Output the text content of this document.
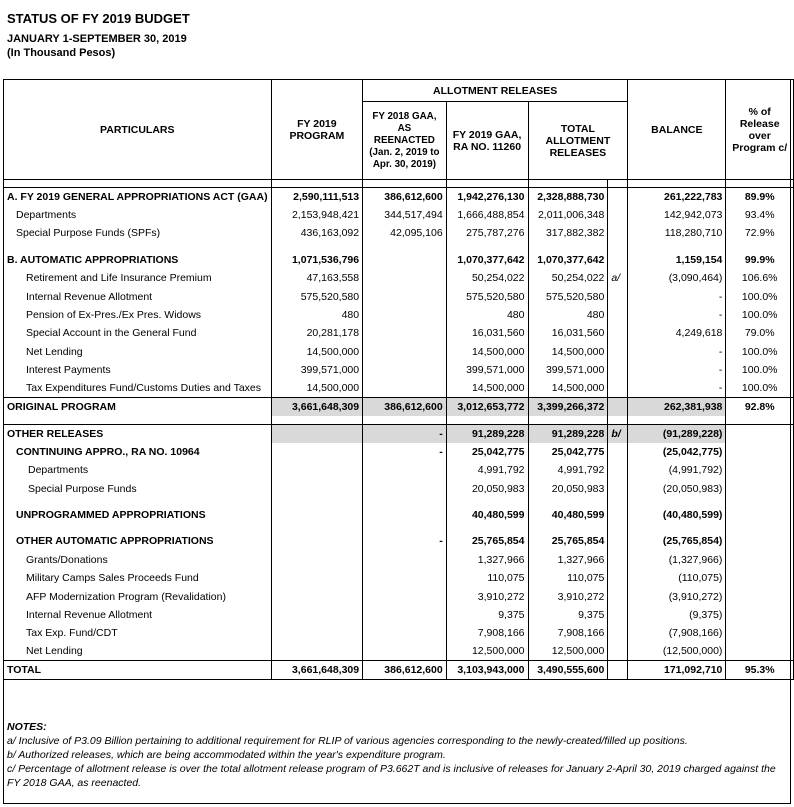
STATUS OF FY 2019 BUDGET
JANUARY 1-SEPTEMBER 30, 2019
(In Thousand Pesos)
PARTICULARS	FY 2019 PROGRAM	ALLOTMENT RELEASES				BALANCE	% of Release over Program c/
		FY 2018 GAA, AS REENACTED (Jan. 2, 2019 to Apr. 30, 2019)	FY 2019 GAA, RA NO. 11260	TOTAL ALLOTMENT RELEASES			

A. FY 2019 GENERAL APPROPRIATIONS ACT (GAA)	2,590,111,513	386,612,600	1,942,276,130	2,328,888,730		261,222,783	89.9%
Departments	2,153,948,421	344,517,494	1,666,488,854	2,011,006,348		142,942,073	93.4%
Special Purpose Funds (SPFs)	436,163,092	42,095,106	275,787,276	317,882,382		118,280,710	72.9%

B. AUTOMATIC APPROPRIATIONS	1,071,536,796		1,070,377,642	1,070,377,642		1,159,154	99.9%
Retirement and Life Insurance Premium	47,163,558		50,254,022	50,254,022	a/	(3,090,464)	106.6%
Internal Revenue Allotment	575,520,580		575,520,580	575,520,580		-	100.0%
Pension of Ex-Pres./Ex Pres. Widows	480		480	480		-	100.0%
Special Account in the General Fund	20,281,178		16,031,560	16,031,560		4,249,618	79.0%
Net Lending	14,500,000		14,500,000	14,500,000		-	100.0%
Interest Payments	399,571,000		399,571,000	399,571,000		-	100.0%
Tax Expenditures Fund/Customs Duties and Taxes	14,500,000		14,500,000	14,500,000		-	100.0%
ORIGINAL PROGRAM	3,661,648,309	386,612,600	3,012,653,772	3,399,266,372		262,381,938	92.8%

OTHER RELEASES		-	91,289,228	91,289,228	b/	(91,289,228)	
CONTINUING APPRO., RA NO. 10964		-	25,042,775	25,042,775		(25,042,775)	
Departments			4,991,792	4,991,792		(4,991,792)	
Special Purpose Funds			20,050,983	20,050,983		(20,050,983)	

UNPROGRAMMED APPROPRIATIONS			40,480,599	40,480,599		(40,480,599)	

OTHER AUTOMATIC APPROPRIATIONS		-	25,765,854	25,765,854		(25,765,854)	
Grants/Donations			1,327,966	1,327,966		(1,327,966)	
Military Camps Sales Proceeds Fund			110,075	110,075		(110,075)	
AFP Modernization Program (Revalidation)			3,910,272	3,910,272		(3,910,272)	
Internal Revenue Allotment			9,375	9,375		(9,375)	
Tax Exp. Fund/CDT			7,908,166	7,908,166		(7,908,166)	
Net Lending			12,500,000	12,500,000		(12,500,000)	
TOTAL	3,661,648,309	386,612,600	3,103,943,000	3,490,555,600		171,092,710	95.3%
NOTES:
a/ Inclusive of P3.09 Billion pertaining to additional requirement for RLIP of various agencies corresponding to the newly-created/filled up positions.
b/ Authorized releases, which are being accommodated within the year's expenditure program.
c/ Percentage of allotment release is over the total allotment release program of P3.662T and is inclusive of releases for January 2-April 30, 2019 charged against the FY 2018 GAA, as reenacted.
